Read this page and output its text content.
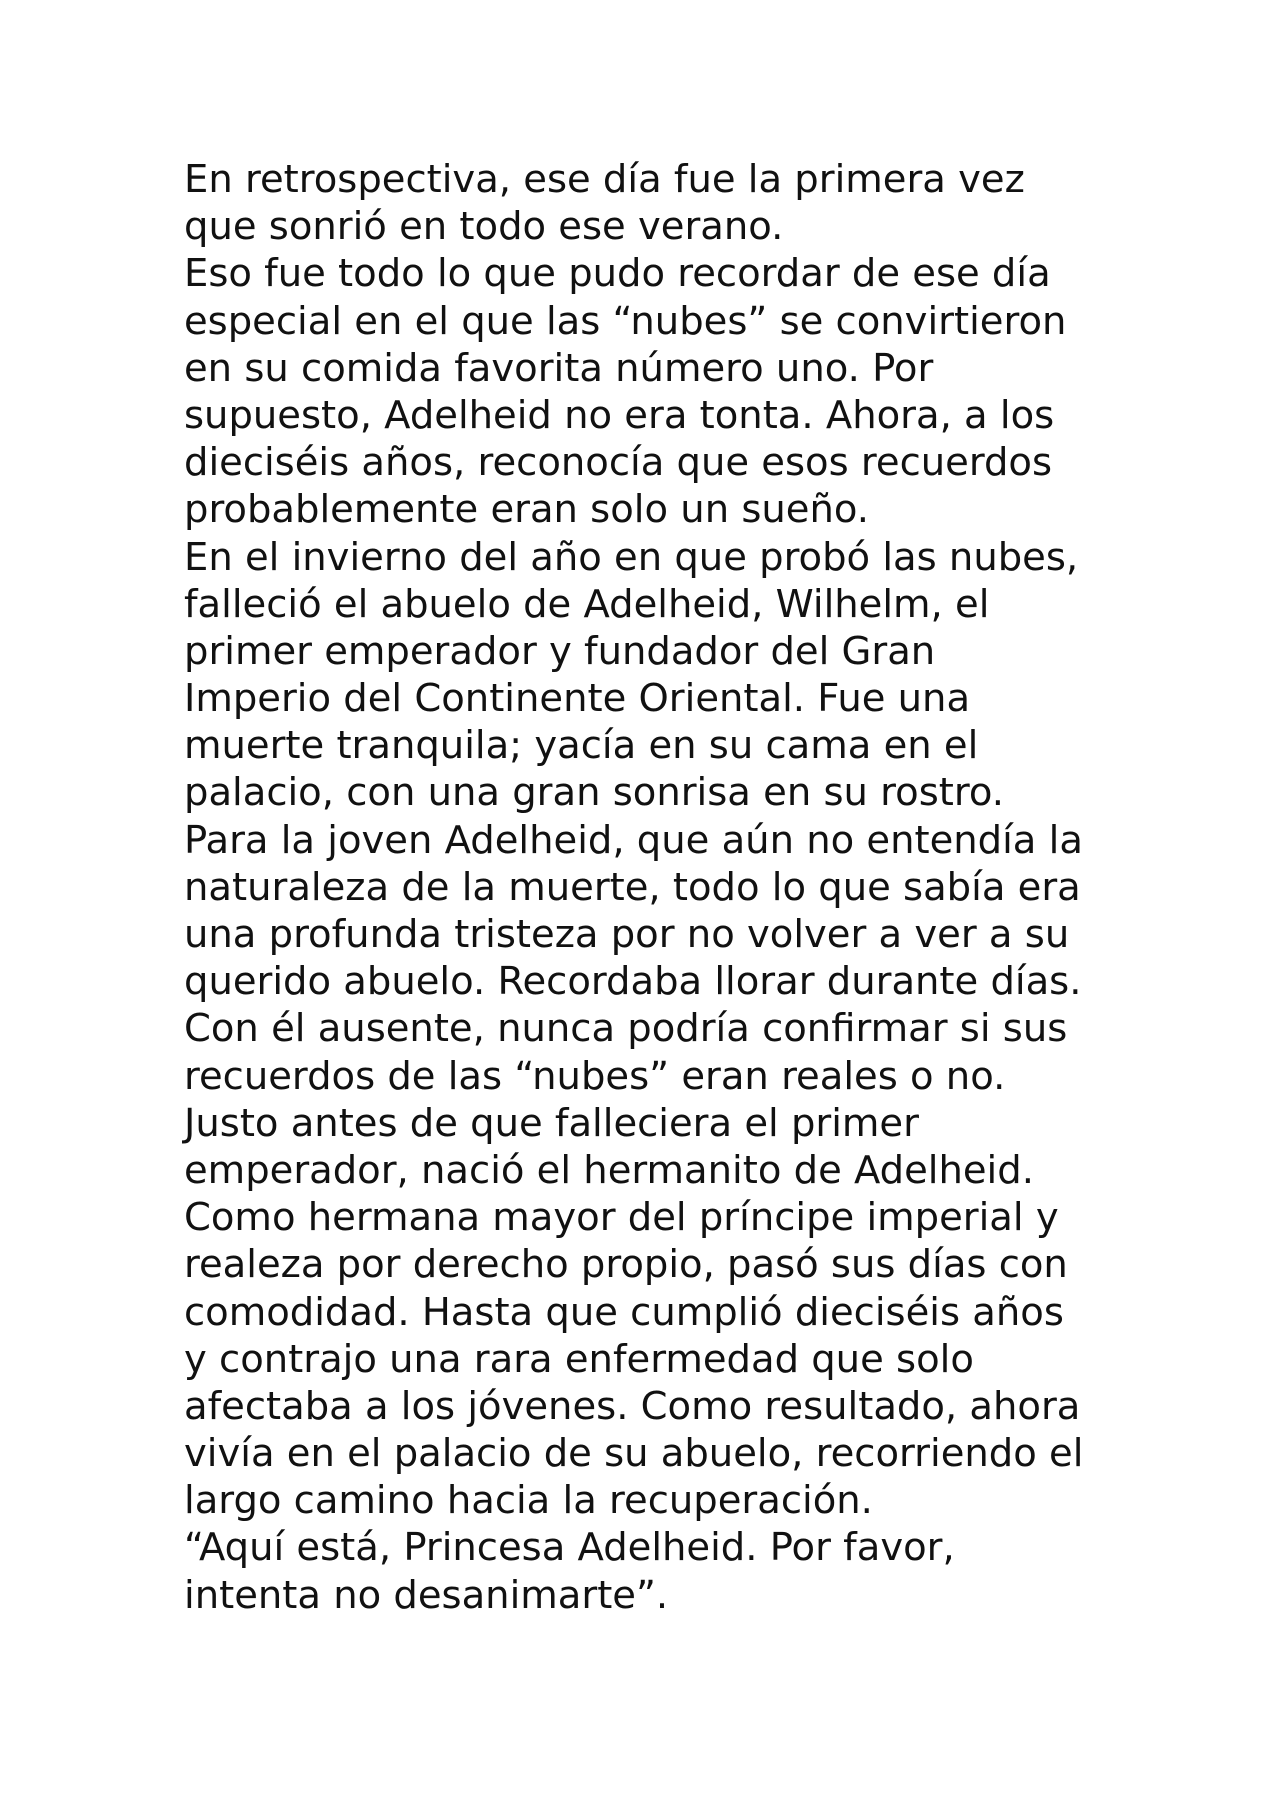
En retrospectiva, ese día fue la primera vez
que sonrió en todo ese verano.
Eso fue todo lo que pudo recordar de ese día
especial en el que las “nubes” se convirtieron
en su comida favorita número uno. Por
supuesto, Adelheid no era tonta. Ahora, a los
dieciséis años, reconocía que esos recuerdos
probablemente eran solo un sueño.
En el invierno del año en que probó las nubes,
falleció el abuelo de Adelheid, Wilhelm, el
primer emperador y fundador del Gran
Imperio del Continente Oriental. Fue una
muerte tranquila; yacía en su cama en el
palacio, con una gran sonrisa en su rostro.
Para la joven Adelheid, que aún no entendía la
naturaleza de la muerte, todo lo que sabía era
una profunda tristeza por no volver a ver a su
querido abuelo. Recordaba llorar durante días.
Con él ausente, nunca podría confirmar si sus
recuerdos de las “nubes” eran reales o no.
Justo antes de que falleciera el primer
emperador, nació el hermanito de Adelheid.
Como hermana mayor del príncipe imperial y
realeza por derecho propio, pasó sus días con
comodidad. Hasta que cumplió dieciséis años
y contrajo una rara enfermedad que solo
afectaba a los jóvenes. Como resultado, ahora
vivía en el palacio de su abuelo, recorriendo el
largo camino hacia la recuperación.
“Aquí está, Princesa Adelheid. Por favor,
intenta no desanimarte”.
